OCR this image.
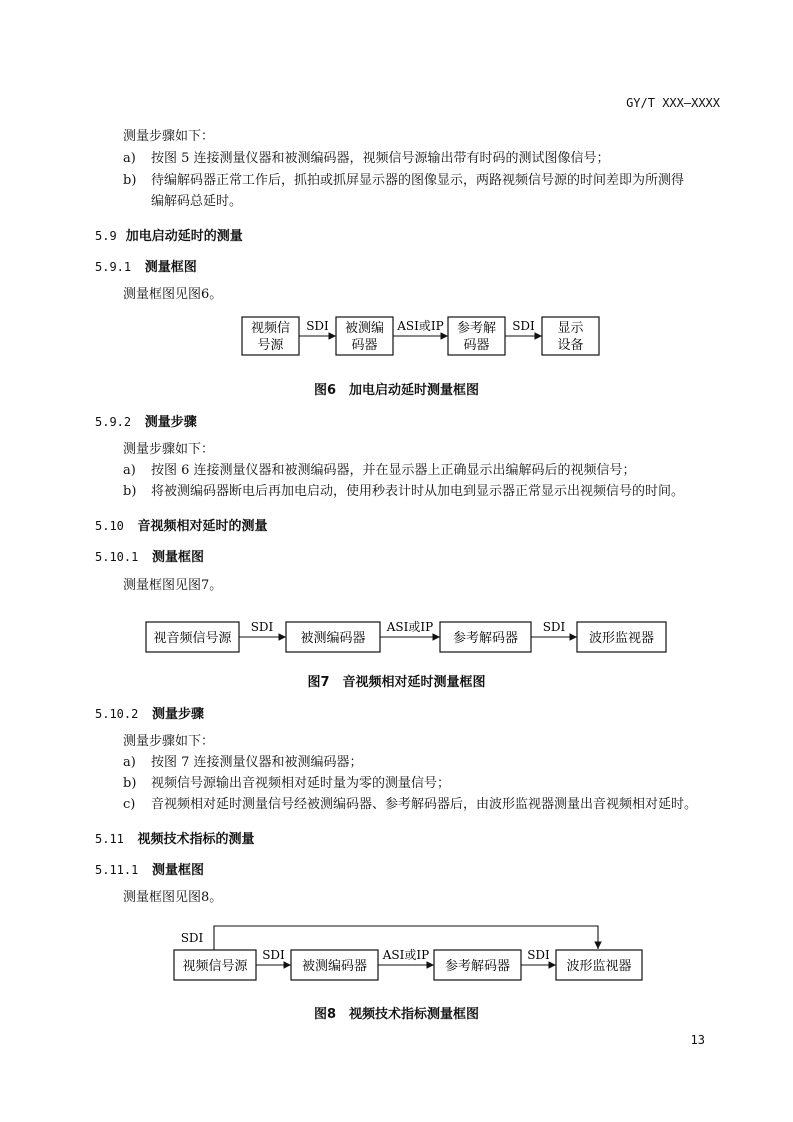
GY/T XXX—XXXX
测量步骤如下：
a) 按图 5 连接测量仪器和被测编码器，视频信号源输出带有时码的测试图像信号；
b) 待编解码器正常工作后，抓拍或抓屏显示器的图像显示，两路视频信号源的时间差即为所测得
编解码总延时。
5.9 加电启动延时的测量
5.9.1 测量框图
测量框图见图6。
视频信
号源
被测编
码器
参考解
码器
显示
设备
SDI	ASI或IP	SDI
图6　加电启动延时测量框图
5.9.2 测量步骤
测量步骤如下：
a) 按图 6 连接测量仪器和被测编码器，并在显示器上正确显示出编解码后的视频信号；
b) 将被测编码器断电后再加电启动，使用秒表计时从加电到显示器正常显示出视频信号的时间。
5.10 音视频相对延时的测量
5.10.1 测量框图
测量框图见图7。
视音频信号源	被测编码器	参考解码器	波形监视器
SDI	ASI或IP	SDI
图7　音视频相对延时测量框图
5.10.2 测量步骤
测量步骤如下：
a) 按图 7 连接测量仪器和被测编码器；
b) 视频信号源输出音视频相对延时量为零的测量信号；
c) 音视频相对延时测量信号经被测编码器、参考解码器后，由波形监视器测量出音视频相对延时。
5.11 视频技术指标的测量
5.11.1 测量框图
测量框图见图8。
SDI
视频信号源	被测编码器	参考解码器	波形监视器
SDI	ASI或IP	SDI
图8　视频技术指标测量框图
13
